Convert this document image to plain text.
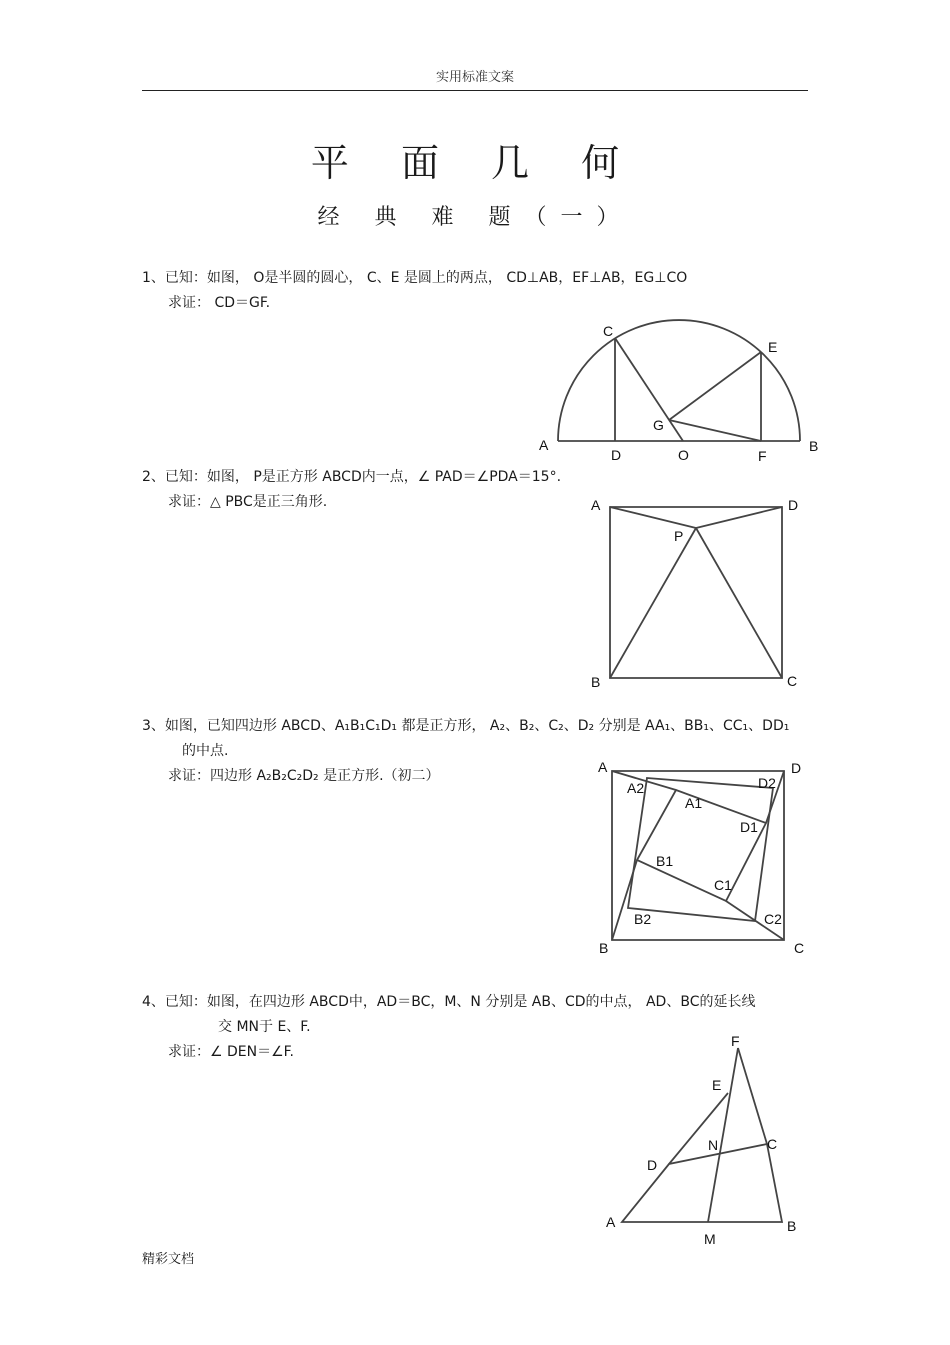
实用标准文案
平 面 几 何
经 典 难 题（一）
1、已知：如图， O是半圆的圆心， C、E 是圆上的两点， CD⊥AB，EF⊥AB，EG⊥CO
求证： CD＝GF.
C
E
G
A
D	O	F
B
2、已知：如图， P是正方形 ABCD内一点，∠ PAD＝∠PDA＝15°.
求证：△ PBC是正三角形.	A	D
P
B	C
3、如图，已知四边形 ABCD、A₁B₁C₁D₁ 都是正方形， A₂、B₂、C₂、D₂ 分别是 AA₁、BB₁、CC₁、DD₁
的中点.
求证：四边形 A₂B₂C₂D₂ 是正方形.（初二）
A	D
A2	D2
A1
D1
B1
C1
B2	C2
B	C
4、已知：如图，在四边形 ABCD中，AD＝BC，M、N 分别是 AB、CD的中点， AD、BC的延长线
交 MN于 E、F.
求证：∠ DEN＝∠F.
F
E
N	C
D
A	B
M
精彩文档
